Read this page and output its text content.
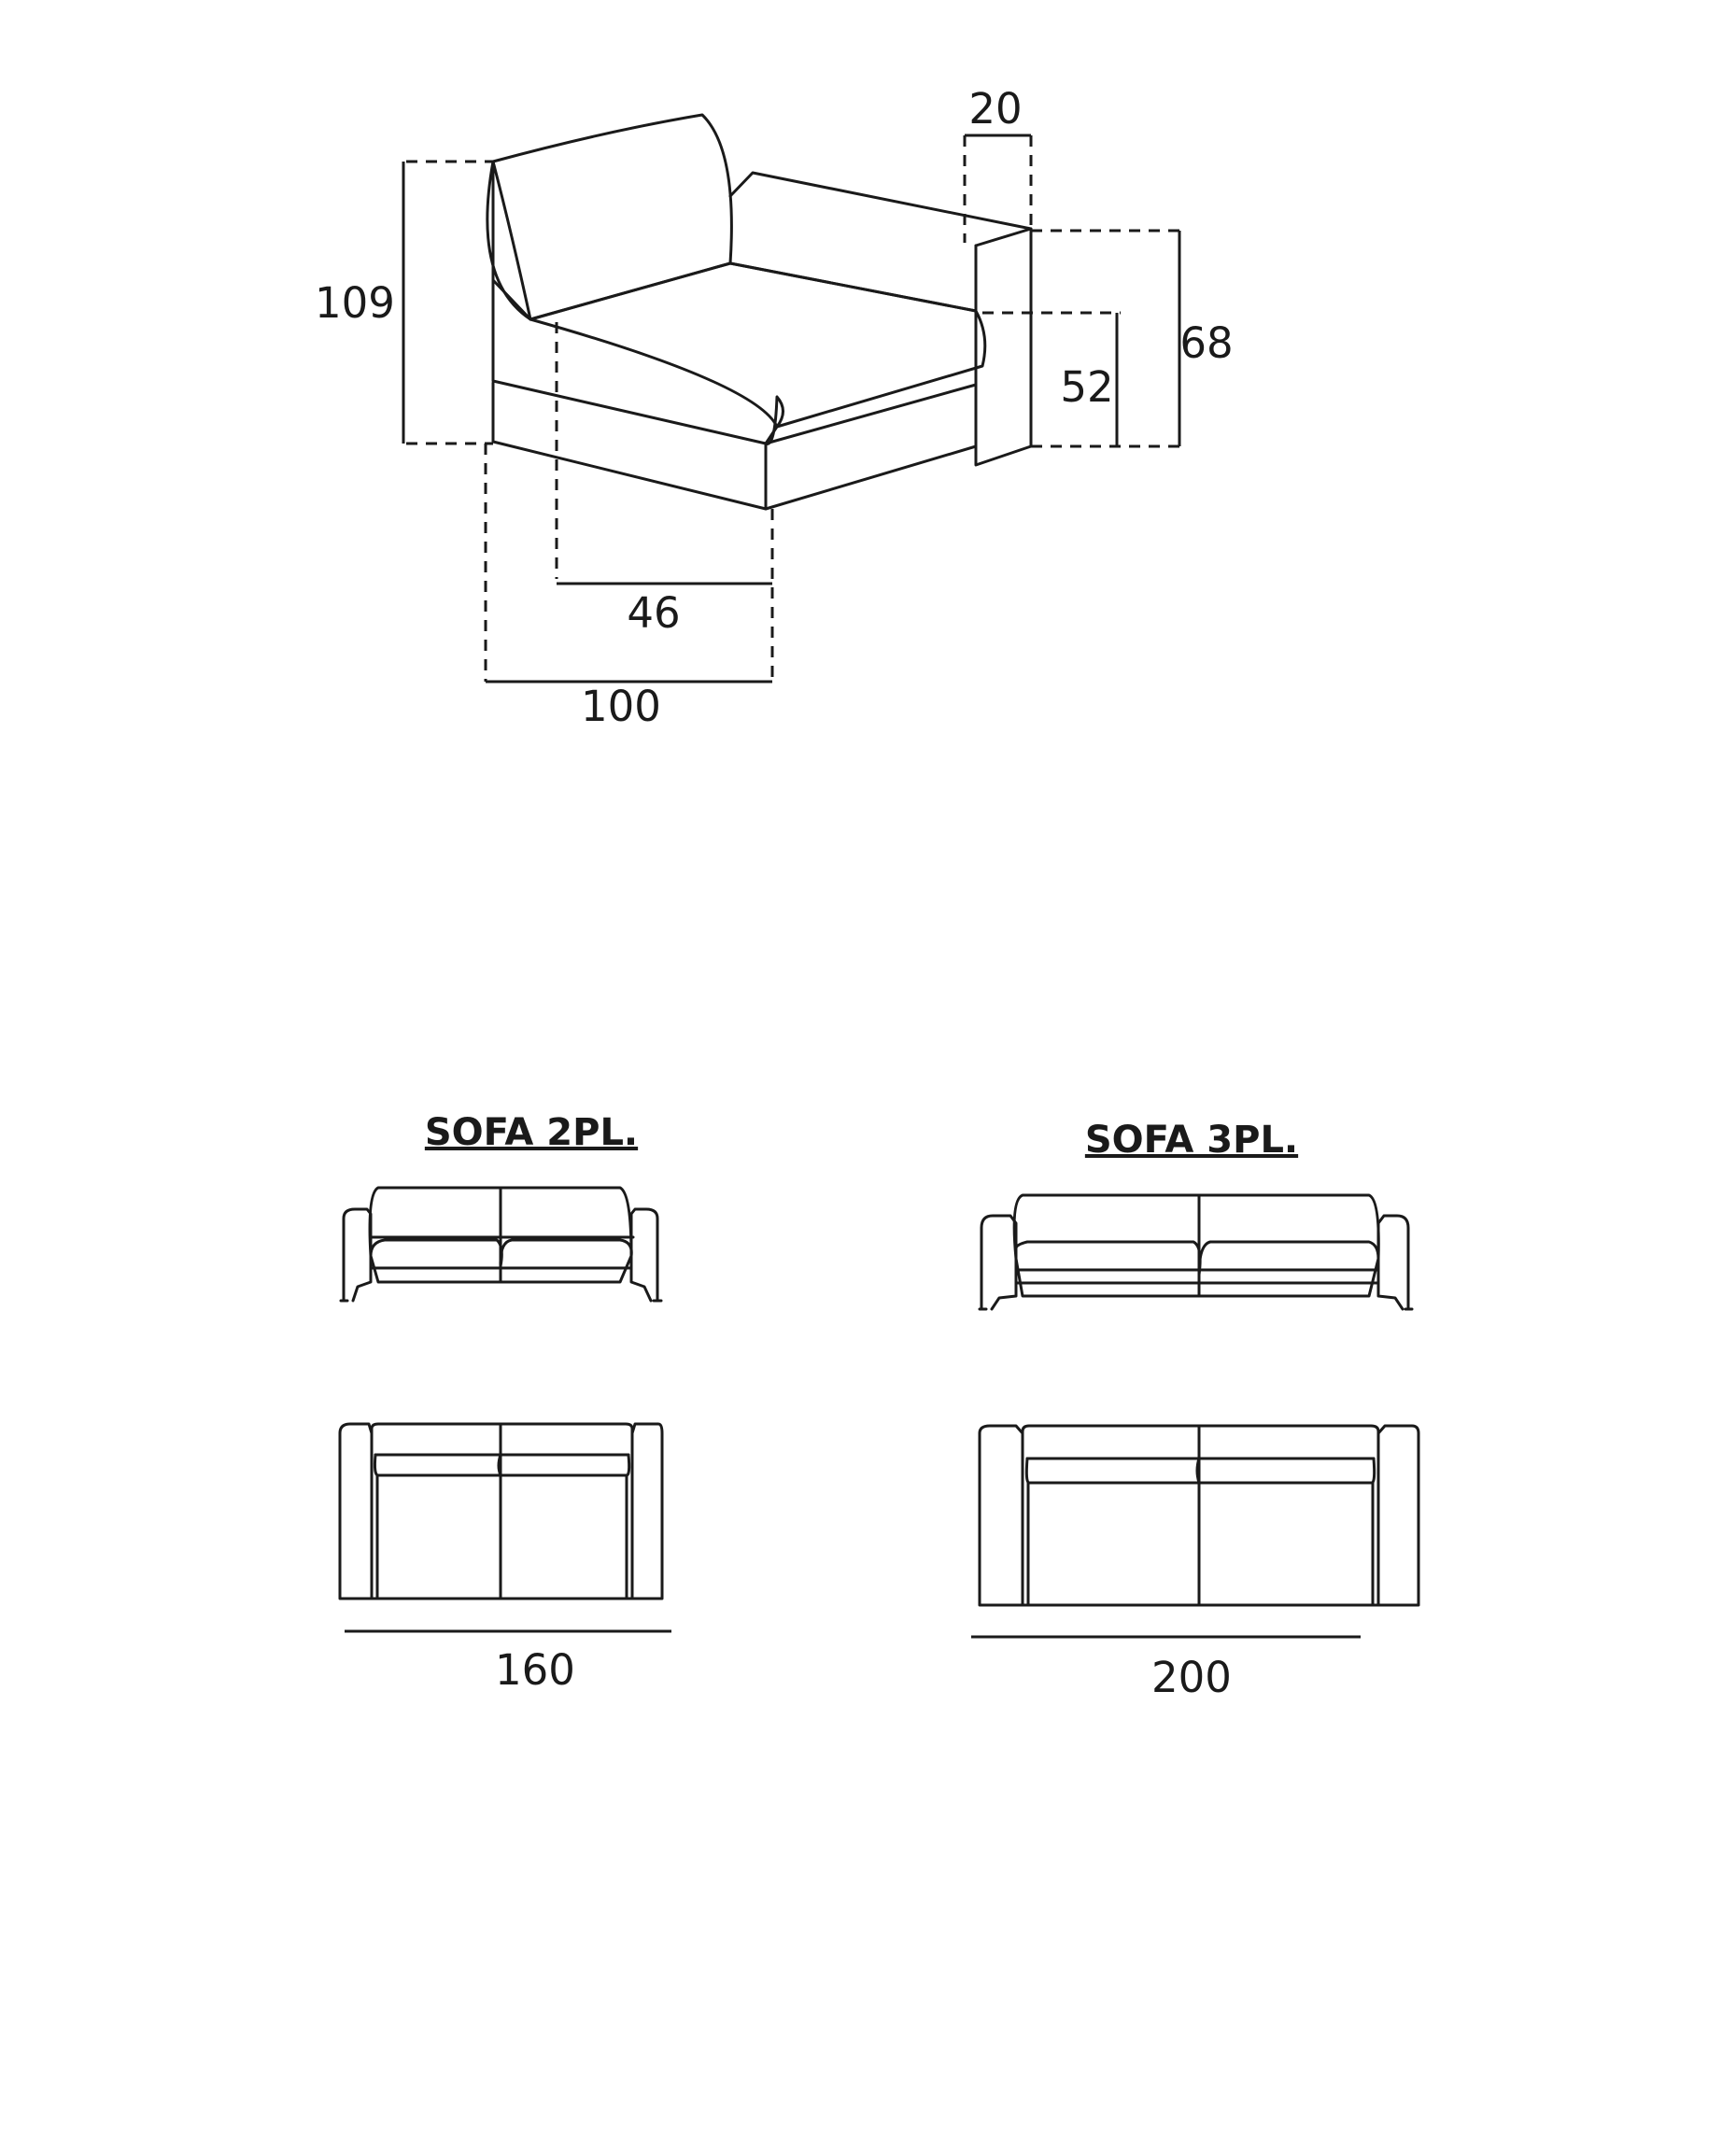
20
109
68
52
46
100
SOFA 2PL.
160
SOFA 3PL.
200
